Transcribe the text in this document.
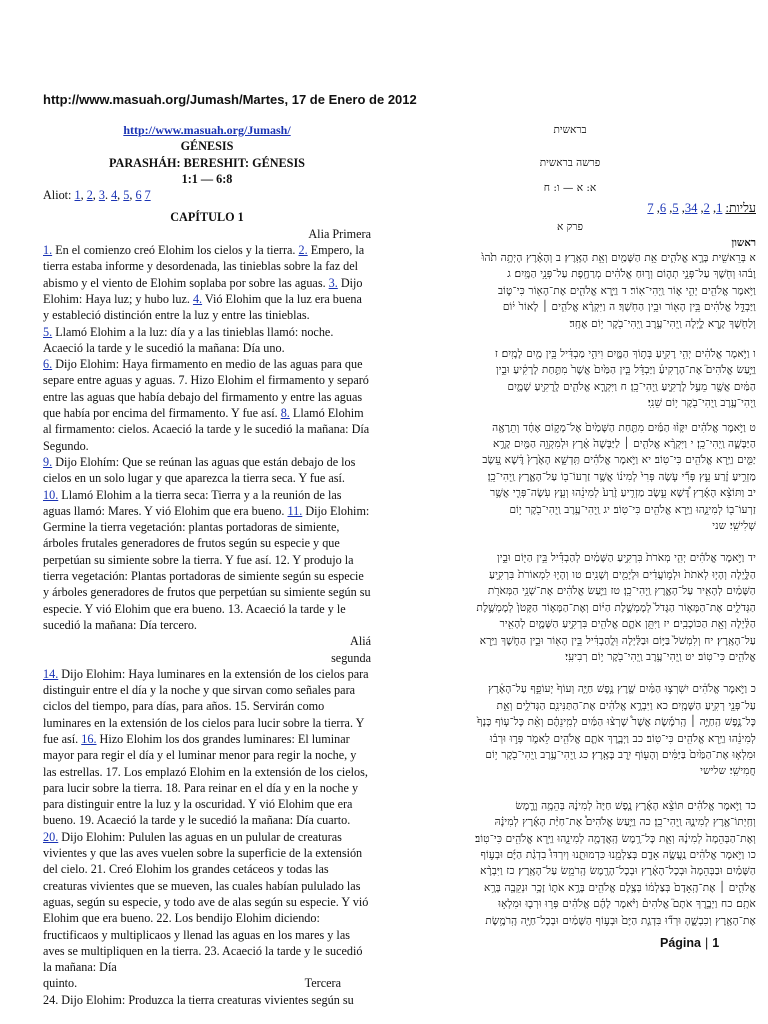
http://www.masuah.org/Jumash/Martes, 17 de Enero de 2012
http://www.masuah.org/Jumash/
GÉNESIS
PARASHÁH: BERESHIT: GÉNESIS
1:1 — 6:8
Aliot: 1, 2, 3. 4, 5, 6 7
CAPÍTULO 1
Alia Primera

1. En el comienzo creó Elohim los cielos y la tierra. 2. Empero, la tierra estaba informe y desordenada, las tinieblas sobre la faz del abismo y el viento de Elohim soplaba por sobre las aguas. 3. Dijo Elohim: Haya luz; y hubo luz. 4. Vió Elohim que la luz era buena y estableció distinción entre la luz y entre las tinieblas.

5. Llamó Elohim a la luz: día y a las tinieblas llamó: noche. Acaeció la tarde y le sucedió la mañana: Día uno.

6. Dijo Elohim: Haya firmamento en medio de las aguas para que separe entre aguas y aguas. 7. Hizo Elohim el firmamento y separó entre las aguas que había debajo del firmamento y entre las aguas que había por encima del firmamento. Y fue así. 8. Llamó Elohim al firmamento: cielos. Acaeció la tarde y le sucedió la mañana: Día Segundo.

9. Dijo Elohím: Que se reúnan las aguas que están debajo de los cielos en un solo lugar y que aparezca la tierra seca. Y fue así.

10. Llamó Elohim a la tierra seca: Tierra y a la reunión de las aguas llamó: Mares. Y vió Elohim que era bueno. 11. Dijo Elohim: Germine la tierra vegetación: plantas portadoras de simiente, árboles frutales generadores de frutos según su especie y que perpetúan su simiente sobre la tierra. Y fue así. 12. Y produjo la tierra vegetación: Plantas portadoras de simiente según su especie y árboles generadores de frutos que perpetúan su simiente según su especie. Y vió Elohim que era bueno. 13. Acaeció la tarde y le sucedió la mañana: Día tercero.

Aliá
segunda

14. Dijo Elohim: Haya luminares en la extensión de los cielos para distinguir entre el día y la noche y que sirvan como señales para ciclos del tiempo, para días, para años. 15. Servirán como luminares en la extensión de los cielos para lucir sobre la tierra. Y fue así. 16. Hizo Elohim los dos grandes luminares: El luminar mayor para regir el día y el luminar menor para regir la noche, y las estrellas. 17. Los emplazó Elohim en la extensión de los cielos, para lucir sobre la tierra. 18. Para reinar en el día y en la noche y para distinguir entre la luz y la oscuridad. Y vió Elohim que era bueno. 19. Acaeció la tarde y le sucedió la mañana: Día cuarto.

20. Dijo Elohim: Pululen las aguas en un pulular de creaturas vivientes y que las aves vuelen sobre la superficie de la extensión del cielo. 21. Creó Elohim los grandes cetáceos y todas las creaturas vivientes que se mueven, las cuales habían pululado las aguas, según su especie, y todo ave de alas según su especie. Y vió Elohim que era bueno. 22. Los bendijo Elohim diciendo: fructificaos y multiplicaos y llenad las aguas en los mares y las aves se multipliquen en la tierra. 23. Acaeció la tarde y le sucedió la mañana: Día

quinto.	Tercera

24. Dijo Elohim: Produzca la tierra creaturas vivientes según su

בראשית
פרשה בראשית
א: א — ו: ח
עליות: 1, 2, 34, 5, 6, 7
פרק א
ראשון
א בְּרֵאשִׁ֖ית בָּרָ֣א אֱלֹהִ֑ים אֵ֥ת הַשָּׁמַ֖יִם וְאֵ֥ת הָאָֽרֶץ׃ ב וְהָאָ֗רֶץ הָיְתָ֥ה תֹ֙הוּ֙
וָבֹ֔הוּ וְחֹ֖שֶׁךְ עַל־פְּנֵ֣י תְה֑וֹם וְר֣וּחַ אֱלֹהִ֔ים מְרַחֶ֖פֶת עַל־פְּנֵ֥י הַמָּֽיִם׃ ג
וַיֹּ֥אמֶר אֱלֹהִ֖ים יְהִ֣י א֑וֹר וַֽיְהִי־אֽוֹר׃ ד וַיַּ֧רְא אֱלֹהִ֛ים אֶת־הָא֖וֹר כִּי־ט֑וֹב
וַיַּבְדֵּ֣ל אֱלֹהִ֔ים בֵּ֥ין הָא֖וֹר וּבֵ֥ין הַחֹֽשֶׁךְ׃ ה וַיִּקְרָ֨א אֱלֹהִ֤ים ׀ לָאוֹר֙ י֔וֹם
וְלַחֹ֖שֶׁךְ קָ֣רָא לָ֑יְלָה וַֽיְהִי־עֶ֥רֶב וַֽיְהִי־בֹ֖קֶר י֥וֹם אֶחָֽד׃
ו וַיֹּ֣אמֶר אֱלֹהִ֔ים יְהִ֥י רָקִ֖יעַ בְּת֣וֹךְ הַמָּ֑יִם וִיהִ֣י מַבְדִּ֔יל בֵּ֥ין מַ֖יִם לָמָֽיִם׃ ז
וַיַּ֣עַשׂ אֱלֹהִים֮ אֶת־הָרָקִיעַ֒ וַיַּבְדֵּ֗ל בֵּ֤ין הַמַּ֙יִם֙ אֲשֶׁר֙ מִתַּ֣חַת לָרָקִ֔יעַ וּבֵ֣ין
הַמַּ֔יִם אֲשֶׁ֖ר מֵעַ֣ל לָרָקִ֑יעַ וַֽיְהִי־כֵֽן׃ ח וַיִּקְרָ֧א אֱלֹהִ֛ים לָֽרָקִ֖יעַ שָׁמָ֑יִם
וַֽיְהִי־עֶ֥רֶב וַֽיְהִי־בֹ֖קֶר י֥וֹם שֵׁנִֽי׃
ט וַיֹּ֣אמֶר אֱלֹהִ֗ים יִקָּו֨וּ הַמַּ֜יִם מִתַּ֤חַת הַשָּׁמַ֙יִם֙ אֶל־מָק֣וֹם אֶחָ֔ד וְתֵרָאֶ֖ה
הַיַּבָּשָׁ֑ה וַֽיְהִי־כֵֽן׃ י וַיִּקְרָ֨א אֱלֹהִ֤ים ׀ לַיַּבָּשָׁה֙ אֶ֔רֶץ וּלְמִקְוֵ֥ה הַמַּ֖יִם קָרָ֣א
יַמִּ֑ים וַיַּ֥רְא אֱלֹהִ֖ים כִּי־טֽוֹב׃ יא וַיֹּ֣אמֶר אֱלֹהִ֗ים תַּֽדְשֵׁ֤א הָאָ֙רֶץ֙ דֶּ֔שֶׁא עֵ֚שֶׂב
מַזְרִ֣יעַ זֶ֔רַע עֵ֣ץ פְּרִ֞י עֹ֤שֶׂה פְּרִי֙ לְמִינ֔וֹ אֲשֶׁ֥ר זַרְעוֹ־ב֖וֹ עַל־הָאָ֑רֶץ וַֽיְהִי־כֵֽן׃
יב וַתּוֹצֵ֨א הָאָ֜רֶץ דֶּ֠שֶׁא עֵ֣שֶׂב מַזְרִ֤יעַ זֶ֙רַע֙ לְמִינֵ֔הוּ וְעֵ֧ץ עֹֽשֶׂה־פְּרִ֛י אֲשֶׁ֥ר
זַרְעוֹ־ב֖וֹ לְמִינֵ֑הוּ וַיַּ֥רְא אֱלֹהִ֖ים כִּי־טֽוֹב׃ יג וַֽיְהִי־עֶ֥רֶב וַֽיְהִי־בֹ֖קֶר י֥וֹם
שְׁלִישִֽׁי׃ שני
יד וַיֹּ֣אמֶר אֱלֹהִ֗ים יְהִ֤י מְאֹרֹת֙ בִּרְקִ֣יעַ הַשָּׁמַ֔יִם לְהַבְדִּ֕יל בֵּ֥ין הַיּ֖וֹם וּבֵ֣ין
הַלָּ֑יְלָה וְהָי֤וּ לְאֹתֹת֙ וּלְמ֣וֹעֲדִ֔ים וּלְיָמִ֖ים וְשָׁנִֽים׃ טו וְהָי֤וּ לִמְאוֹרֹת֙ בִּרְקִ֣יעַ
הַשָּׁמַ֔יִם לְהָאִ֖יר עַל־הָאָ֑רֶץ וַֽיְהִי־כֵֽן׃ טז וַיַּ֣עַשׂ אֱלֹהִ֔ים אֶת־שְׁנֵ֥י הַמְּאֹרֹ֖ת
הַגְּדֹלִ֑ים אֶת־הַמָּא֤וֹר הַגָּדֹל֙ לְמֶמְשֶׁ֣לֶת הַיּ֔וֹם וְאֶת־הַמָּא֤וֹר הַקָּטֹן֙ לְמֶמְשֶׁ֣לֶת
הַלַּ֔יְלָה וְאֵ֖ת הַכּוֹכָבִֽים׃ יז וַיִּתֵּ֥ן אֹתָ֛ם אֱלֹהִ֖ים בִּרְקִ֣יעַ הַשָּׁמָ֑יִם לְהָאִ֖יר
עַל־הָאָֽרֶץ׃ יח וְלִמְשֹׁל֙ בַּיּ֣וֹם וּבַלַּ֔יְלָה וּֽלֲהַבְדִּ֔יל בֵּ֥ין הָא֖וֹר וּבֵ֣ין הַחֹ֑שֶׁךְ וַיַּ֥רְא
אֱלֹהִ֖ים כִּי־טֽוֹב׃ יט וַֽיְהִי־עֶ֥רֶב וַֽיְהִי־בֹ֖קֶר י֥וֹם רְבִיעִֽי׃
כ וַיֹּ֣אמֶר אֱלֹהִ֔ים יִשְׁרְצ֣וּ הַמַּ֔יִם שֶׁ֖רֶץ נֶ֣פֶשׁ חַיָּ֑ה וְעוֹף֙ יְעוֹפֵ֣ף עַל־הָאָ֔רֶץ
עַל־פְּנֵ֖י רְקִ֥יעַ הַשָּׁמָֽיִם׃ כא וַיִּבְרָ֣א אֱלֹהִ֔ים אֶת־הַתַּנִּינִ֖ם הַגְּדֹלִ֑ים וְאֵ֣ת
כָּל־נֶ֣פֶשׁ הַֽחַיָּ֣ה ׀ הָֽרֹמֶ֡שֶׂת אֲשֶׁר֩ שָׁרְצ֨וּ הַמַּ֜יִם לְמִֽינֵהֶ֗ם וְאֵ֨ת כָּל־ע֤וֹף כָּנָף֙
לְמִינֵ֔הוּ וַיַּ֥רְא אֱלֹהִ֖ים כִּי־טֽוֹב׃ כב וַיְבָ֧רֶךְ אֹתָ֛ם אֱלֹהִ֖ים לֵאמֹ֑ר פְּר֣וּ וּרְב֗וּ
וּמִלְא֤וּ אֶת־הַמַּ֙יִם֙ בַּיַּמִּ֔ים וְהָע֖וֹף יִ֥רֶב בָּאָֽרֶץ׃ כג וַֽיְהִי־עֶ֥רֶב וַֽיְהִי־בֹ֖קֶר י֥וֹם
חֲמִישִֽׁי׃ שלישי
כד וַיֹּ֣אמֶר אֱלֹהִ֗ים תּוֹצֵ֨א הָאָ֜רֶץ נֶ֤פֶשׁ חַיָּה֙ לְמִינָ֔הּ בְּהֵמָ֥ה וָרֶ֛מֶשׂ
וְחַֽיְתוֹ־אֶ֖רֶץ לְמִינָ֑הּ וַֽיְהִי־כֵֽן׃ כה וַיַּ֣עַשׂ אֱלֹהִים֩ אֶת־חַיַּ֨ת הָאָ֜רֶץ לְמִינָ֗הּ
וְאֶת־הַבְּהֵמָה֙ לְמִינָ֔הּ וְאֵ֛ת כָּל־רֶ֥מֶשׂ הָֽאֲדָמָ֖ה לְמִינֵ֑הוּ וַיַּ֥רְא אֱלֹהִ֖ים כִּי־טֽוֹב׃
כו וַיֹּ֣אמֶר אֱלֹהִ֔ים נַֽעֲשֶׂ֥ה אָדָ֛ם בְּצַלְמֵ֖נוּ כִּדְמוּתֵ֑נוּ וְיִרְדּוּ֩ בִדְגַ֨ת הַיָּ֜ם וּבְע֣וֹף
הַשָּׁמַ֗יִם וּבַבְּהֵמָה֙ וּבְכָל־הָאָ֔רֶץ וּבְכָל־הָרֶ֖מֶשׂ הָֽרֹמֵ֥שׂ עַל־הָאָֽרֶץ׃ כז וַיִּבְרָ֨א
אֱלֹהִ֤ים ׀ אֶת־הָֽאָדָם֙ בְּצַלְמ֔וֹ בְּצֶ֥לֶם אֱלֹהִ֖ים בָּרָ֣א אֹת֑וֹ זָכָ֥ר וּנְקֵבָ֖ה בָּרָ֥א
אֹתָֽם׃ כח וַיְבָ֣רֶךְ אֹתָם֮ אֱלֹהִים֒ וַיֹּ֨אמֶר לָהֶ֜ם אֱלֹהִ֗ים פְּר֥וּ וּרְב֛וּ וּמִלְא֥וּ
אֶת־הָאָ֖רֶץ וְכִבְשֻׁ֑הָ וּרְד֞וּ בִּדְגַ֤ת הַיָּם֙ וּבְע֣וֹף הַשָּׁמַ֔יִם וּבְכָל־חַיָּ֖ה הָֽרֹמֶ֥שֶׂת
Página | 1
